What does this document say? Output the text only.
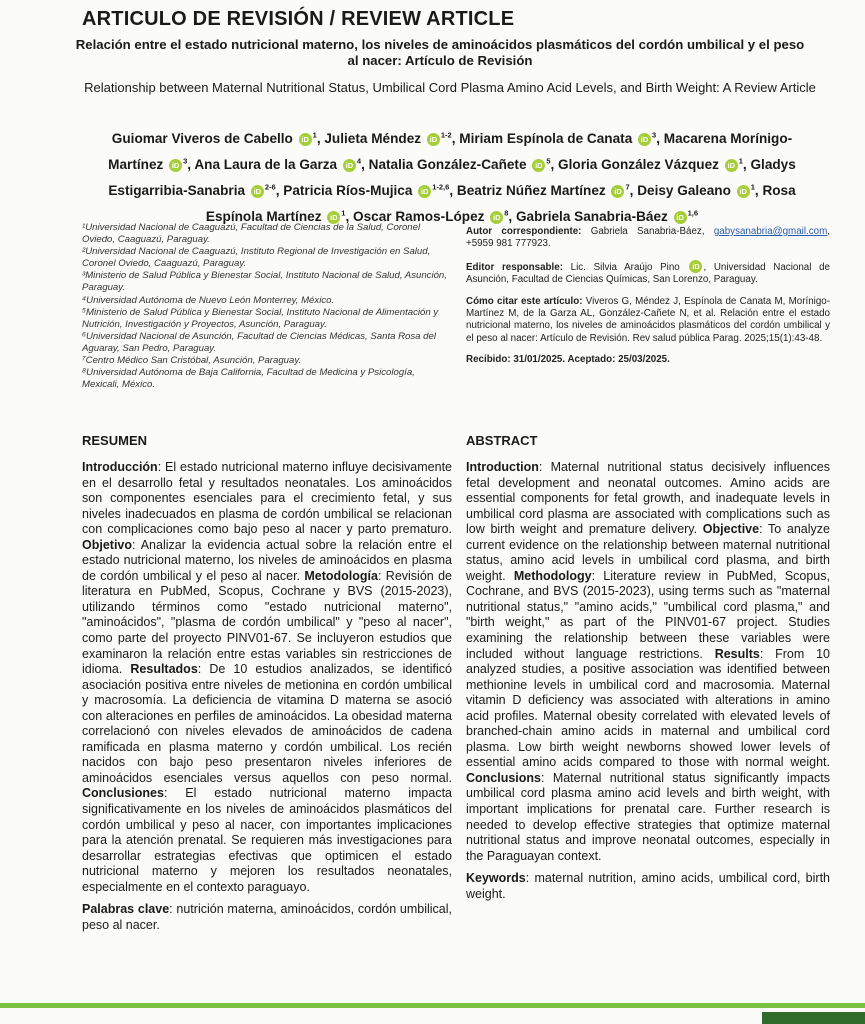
ARTICULO DE REVISIÓN / REVIEW ARTICLE
Relación entre el estado nutricional materno, los niveles de aminoácidos plasmáticos del cordón umbilical y el peso al nacer: Artículo de Revisión
Relationship between Maternal Nutritional Status, Umbilical Cord Plasma Amino Acid Levels, and Birth Weight: A Review Article
Guiomar Viveros de Cabello $iD^1$, Julieta Méndez $iD^{1-2}$, Miriam Espínola de Canata $iD^3$, Macarena Morínigo-Martínez $iD^3$, Ana Laura de la Garza $iD^4$, Natalia González-Cañete $iD^5$, Gloria González Vázquez $iD^1$, Gladys Estigarribia-Sanabria $iD^{2-6}$, Patricia Ríos-Mujica iD$^{1-2,6}$, Beatriz Núñez Martínez $iD^7$, Deisy Galeano $iD^1$, Rosa Espínola Martínez $iD^1$, Oscar Ramos-López $iD^8$, Gabriela Sanabria-Báez iD$^{1,6}$
¹Universidad Nacional de Caaguazú, Facultad de Ciencias de la Salud, Coronel Oviedo, Caaguazú, Paraguay.
²Universidad Nacional de Caaguazú, Instituto Regional de Investigación en Salud, Coronel Oviedo, Caaguazú, Paraguay.
³Ministerio de Salud Pública y Bienestar Social, Instituto Nacional de Salud, Asunción, Paraguay.
⁴Universidad Autónoma de Nuevo León Monterrey, México.
⁵Ministerio de Salud Pública y Bienestar Social, Instituto Nacional de Alimentación y Nutrición, Investigación y Proyectos, Asunción, Paraguay.
⁶Universidad Nacional de Asunción, Facultad de Ciencias Médicas, Santa Rosa del Aguaray, San Pedro, Paraguay.
⁷Centro Médico San Cristóbal, Asunción, Paraguay.
⁸Universidad Autónoma de Baja California, Facultad de Medicina y Psicología, Mexicali, México.

Autor correspondiente: Gabriela Sanabria-Báez, gabysanabria@gmail.com, +5959 981 777923.

Editor responsable: Lic. Silvia Araújo Pino iD , Universidad Nacional de Asunción, Facultad de Ciencias Químicas, San Lorenzo, Paraguay.

Cómo citar este artículo: Viveros G, Méndez J, Espínola de Canata M, Morínigo-Martínez M, de la Garza AL, González-Cañete N, et al. Relación entre el estado nutricional materno, los niveles de aminoácidos plasmáticos del cordón umbilical y el peso al nacer: Artículo de Revisión. Rev salud pública Parag. 2025;15(1):43-48.

Recibido: 31/01/2025. Aceptado: 25/03/2025.

RESUMEN	ABSTRACT

Introducción: El estado nutricional materno influye decisivamente en el desarrollo fetal y resultados neonatales. Los aminoácidos son componentes esenciales para el crecimiento fetal, y sus niveles inadecuados en plasma de cordón umbilical se relacionan con complicaciones como bajo peso al nacer y parto prematuro. Objetivo: Analizar la evidencia actual sobre la relación entre el estado nutricional materno, los niveles de aminoácidos en plasma de cordón umbilical y el peso al nacer. Metodología: Revisión de literatura en PubMed, Scopus, Cochrane y BVS (2015-2023), utilizando términos como "estado nutricional materno", "aminoácidos", "plasma de cordón umbilical" y "peso al nacer", como parte del proyecto PINV01-67. Se incluyeron estudios que examinaron la relación entre estas variables sin restricciones de idioma. Resultados: De 10 estudios analizados, se identificó asociación positiva entre niveles de metionina en cordón umbilical y macrosomía. La deficiencia de vitamina D materna se asoció con alteraciones en perfiles de aminoácidos. La obesidad materna correlacionó con niveles elevados de aminoácidos de cadena ramificada en plasma materno y cordón umbilical. Los recién nacidos con bajo peso presentaron niveles inferiores de aminoácidos esenciales versus aquellos con peso normal. Conclusiones: El estado nutricional materno impacta significativamente en los niveles de aminoácidos plasmáticos del cordón umbilical y peso al nacer, con importantes implicaciones para la atención prenatal. Se requieren más investigaciones para desarrollar estrategias efectivas que optimicen el estado nutricional materno y mejoren los resultados neonatales, especialmente en el contexto paraguayo.

Palabras clave: nutrición materna, aminoácidos, cordón umbilical, peso al nacer.

Introduction: Maternal nutritional status decisively influences fetal development and neonatal outcomes. Amino acids are essential components for fetal growth, and inadequate levels in umbilical cord plasma are associated with complications such as low birth weight and premature delivery. Objective: To analyze current evidence on the relationship between maternal nutritional status, amino acid levels in umbilical cord plasma, and birth weight. Methodology: Literature review in PubMed, Scopus, Cochrane, and BVS (2015-2023), using terms such as "maternal nutritional status," "amino acids," "umbilical cord plasma," and "birth weight," as part of the PINV01-67 project. Studies examining the relationship between these variables were included without language restrictions. Results: From 10 analyzed studies, a positive association was identified between methionine levels in umbilical cord and macrosomia. Maternal vitamin D deficiency was associated with alterations in amino acid profiles. Maternal obesity correlated with elevated levels of branched-chain amino acids in maternal and umbilical cord plasma. Low birth weight newborns showed lower levels of essential amino acids compared to those with normal weight. Conclusions: Maternal nutritional status significantly impacts umbilical cord plasma amino acid levels and birth weight, with important implications for prenatal care. Further research is needed to develop effective strategies that optimize maternal nutritional status and improve neonatal outcomes, especially in the Paraguayan context.

Keywords: maternal nutrition, amino acids, umbilical cord, birth weight.
